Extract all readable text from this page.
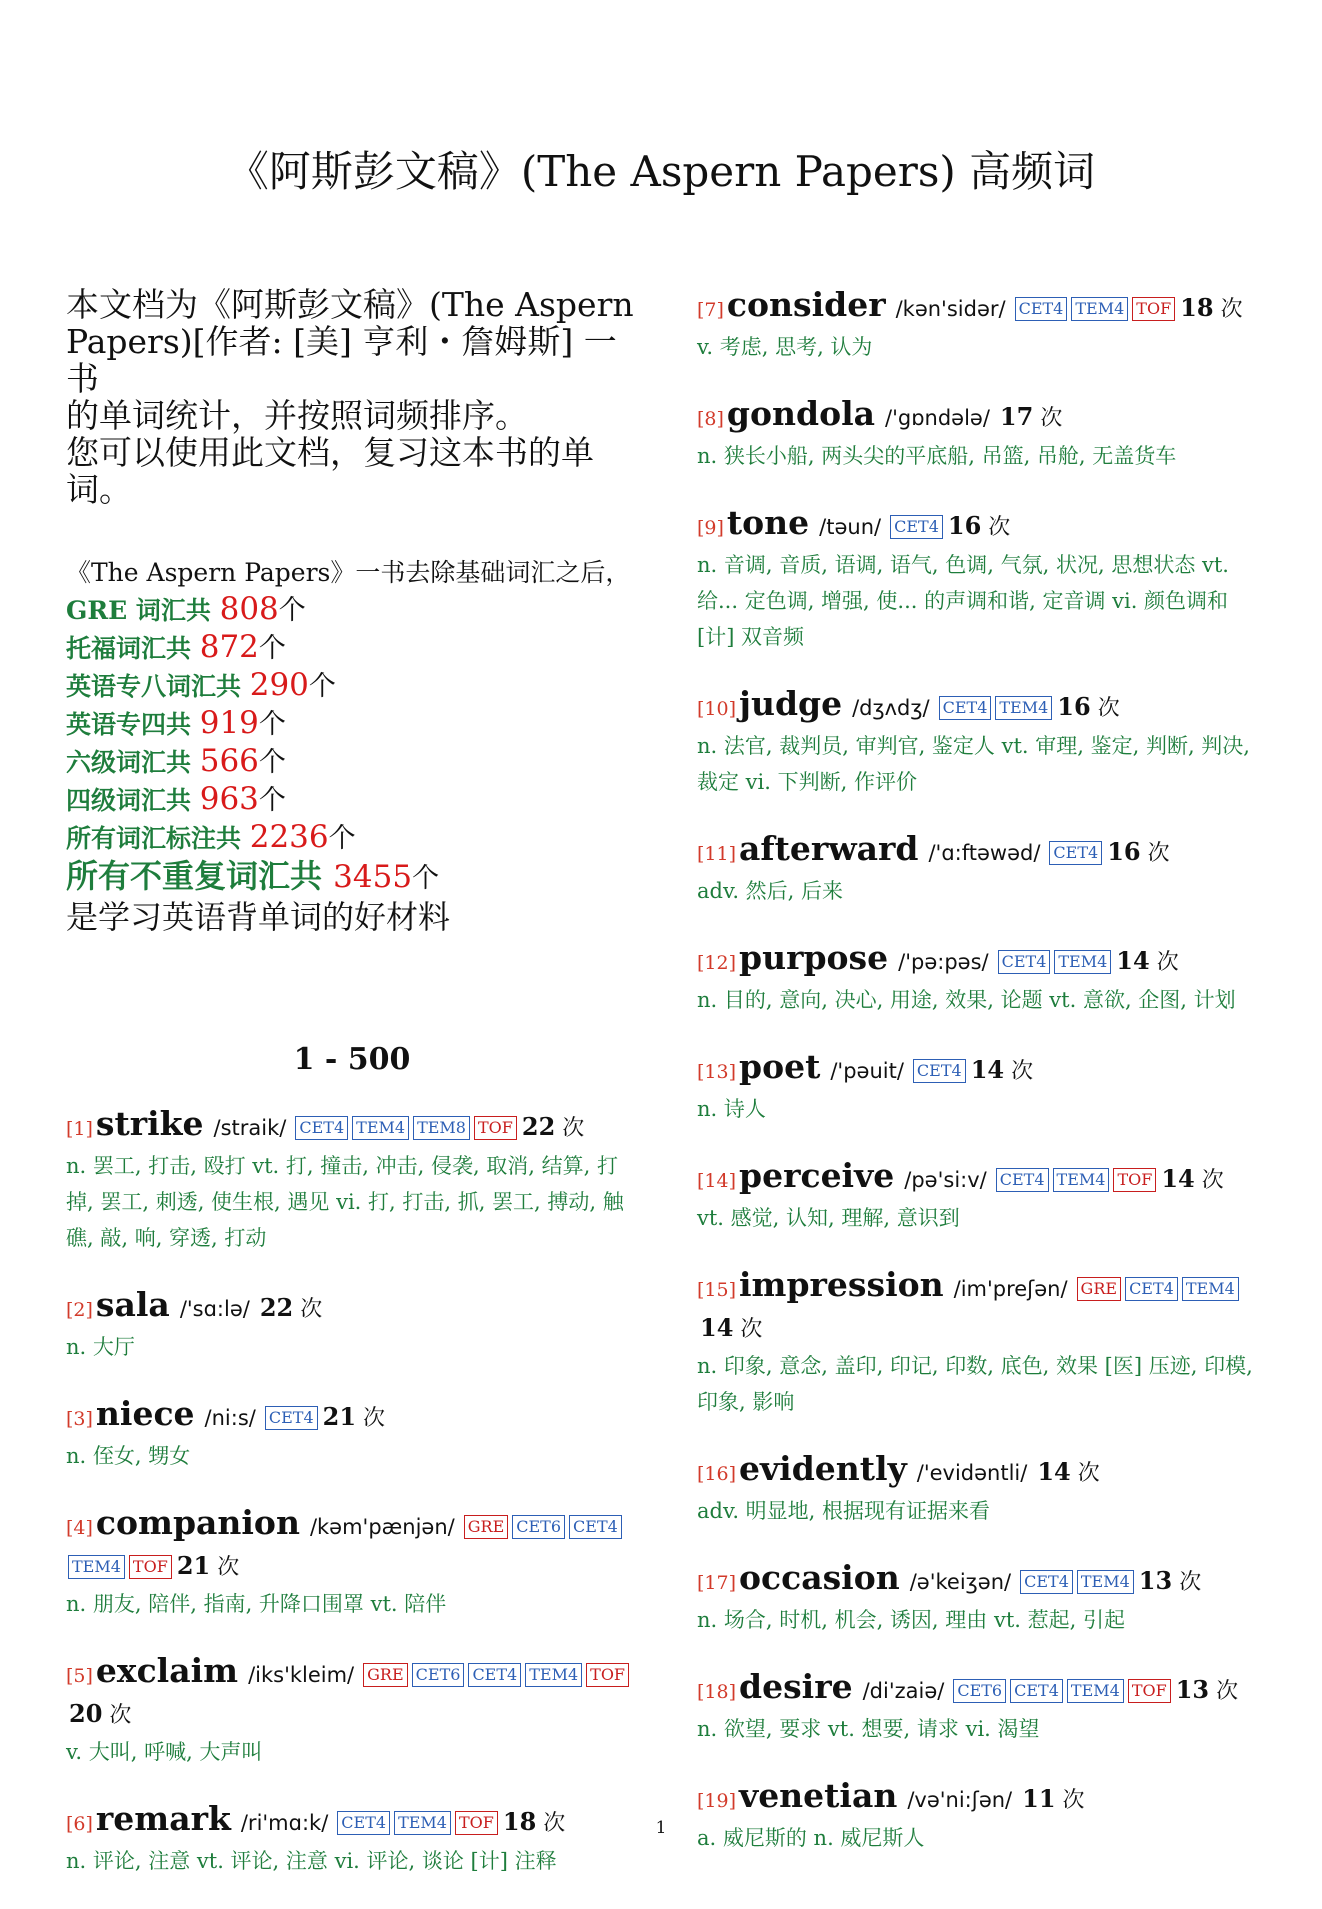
《阿斯彭文稿》(The Aspern Papers) 高频词

本文档为《阿斯彭文稿》(The Aspern
Papers)[作者: [美] 亨利・詹姆斯] 一书
的单词统计，并按照词频排序。
您可以使用此文档，复习这本书的单
词。

《The Aspern Papers》一书去除基础词汇之后，
GRE 词汇共 808个
托福词汇共 872个
英语专八词汇共 290个
英语专四共 919个
六级词汇共 566个
四级词汇共 963个
所有词汇标注共 2236个
所有不重复词汇共 3455个
是学习英语背单词的好材料
1 - 500
[1]strike /straik/ CET4 TEM4 TEM8 TOF 22 次
n. 罢工, 打击, 殴打 vt. 打, 撞击, 冲击, 侵袭, 取消, 结算, 打掉, 罢工, 刺透, 使生根, 遇见 vi. 打, 打击, 抓, 罢工, 搏动, 触礁, 敲, 响, 穿透, 打动
[2]sala /'sɑ:lə/ 22 次
n. 大厅
[3]niece /ni:s/ CET4 21 次
n. 侄女, 甥女
[4]companion /kəm'pænjən/ GRE CET6 CET4TEM4 TOF 21 次
n. 朋友, 陪伴, 指南, 升降口围罩 vt. 陪伴
[5]exclaim /iks'kleim/ GRE CET6 CET4 TEM4 TOF20 次
v. 大叫, 呼喊, 大声叫
[6]remark /ri'mɑ:k/ CET4 TEM4 TOF 18 次
n. 评论, 注意 vt. 评论, 注意 vi. 评论, 谈论 [计] 注释
[7]consider /kən'sidər/ CET4 TEM4 TOF 18 次
v. 考虑, 思考, 认为
[8]gondola /'gɒndələ/ 17 次
n. 狭长小船, 两头尖的平底船, 吊篮, 吊舱, 无盖货车
[9]tone /təun/ CET4 16 次
n. 音调, 音质, 语调, 语气, 色调, 气氛, 状况, 思想状态 vt. 给... 定色调, 增强, 使... 的声调和谐, 定音调 vi. 颜色调和 [计] 双音频
[10]judge /dʒʌdʒ/ CET4 TEM4 16 次
n. 法官, 裁判员, 审判官, 鉴定人 vt. 审理, 鉴定, 判断, 判决, 裁定 vi. 下判断, 作评价
[11]afterward /'ɑ:ftəwəd/ CET4 16 次
adv. 然后, 后来
[12]purpose /'pə:pəs/ CET4 TEM4 14 次
n. 目的, 意向, 决心, 用途, 效果, 论题 vt. 意欲, 企图, 计划
[13]poet /'pəuit/ CET4 14 次
n. 诗人
[14]perceive /pə'si:v/ CET4 TEM4 TOF 14 次
vt. 感觉, 认知, 理解, 意识到
[15]impression /im'preʃən/ GRE CET4 TEM414 次
n. 印象, 意念, 盖印, 印记, 印数, 底色, 效果 [医] 压迹, 印模, 印象, 影响
[16]evidently /'evidəntli/ 14 次
adv. 明显地, 根据现有证据来看
[17]occasion /ə'keiʒən/ CET4 TEM4 13 次
n. 场合, 时机, 机会, 诱因, 理由 vt. 惹起, 引起
[18]desire /di'zaiə/ CET6 CET4 TEM4 TOF 13 次
n. 欲望, 要求 vt. 想要, 请求 vi. 渴望
[19]venetian /və'ni:ʃən/ 11 次
a. 威尼斯的 n. 威尼斯人
1
